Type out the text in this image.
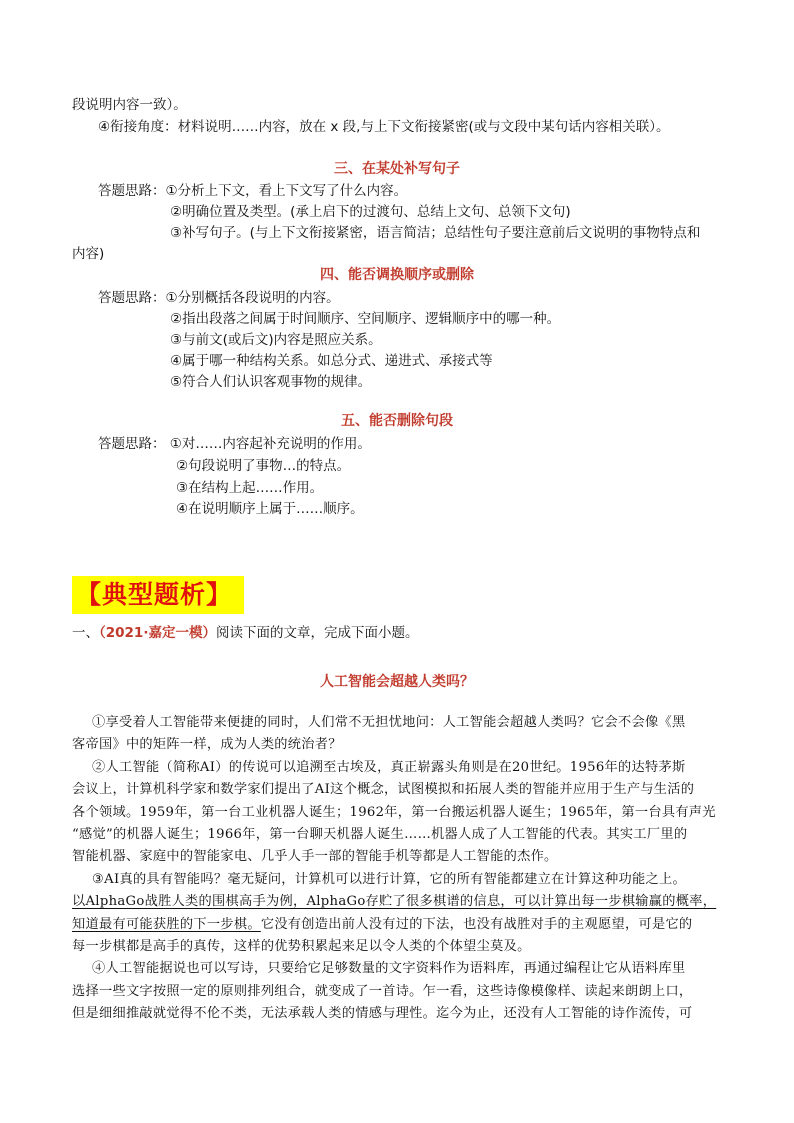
段说明内容一致）。
④衔接角度：材料说明……内容，放在 x 段,与上下文衔接紧密(或与文段中某句话内容相关联）。
三、在某处补写句子
答题思路：①分析上下文，看上下文写了什么内容。
②明确位置及类型。(承上启下的过渡句、总结上文句、总领下文句)
③补写句子。(与上下文衔接紧密，语言简洁；总结性句子要注意前后文说明的事物特点和
内容)
四、能否调换顺序或删除
答题思路：①分别概括各段说明的内容。
②指出段落之间属于时间顺序、空间顺序、逻辑顺序中的哪一种。
③与前文(或后文)内容是照应关系。
④属于哪一种结构关系。如总分式、递进式、承接式等
⑤符合人们认识客观事物的规律。
五、能否删除句段
答题思路： ①对……内容起补充说明的作用。
②句段说明了事物…的特点。
③在结构上起……作用。
④在说明顺序上属于……顺序。
【典型题析】
一、（2021·嘉定一模）阅读下面的文章，完成下面小题。
人工智能会超越人类吗？

①享受着人工智能带来便捷的同时，人们常不无担忧地问：人工智能会超越人类吗？它会不会像《黑

客帝国》中的矩阵一样，成为人类的统治者？

②人工智能（简称AI）的传说可以追溯至古埃及，真正崭露头角则是在20世纪。1956年的达特茅斯

会议上，计算机科学家和数学家们提出了AI这个概念，试图模拟和拓展人类的智能并应用于生产与生活的

各个领域。1959年，第一台工业机器人诞生；1962年，第一台搬运机器人诞生；1965年，第一台具有声光

“感觉”的机器人诞生；1966年，第一台聊天机器人诞生……机器人成了人工智能的代表。其实工厂里的

智能机器、家庭中的智能家电、几乎人手一部的智能手机等都是人工智能的杰作。

③AI真的具有智能吗？毫无疑问，计算机可以进行计算，它的所有智能都建立在计算这种功能之上。

以AlphaGo战胜人类的围棋高手为例，AlphaGo存贮了很多棋谱的信息，可以计算出每一步棋输赢的概率，

知道最有可能获胜的下一步棋。它没有创造出前人没有过的下法，也没有战胜对手的主观愿望，可是它的

每一步棋都是高手的真传，这样的优势积累起来足以令人类的个体望尘莫及。

④人工智能据说也可以写诗，只要给它足够数量的文字资料作为语料库，再通过编程让它从语料库里

选择一些文字按照一定的原则排列组合，就变成了一首诗。乍一看，这些诗像模像样、读起来朗朗上口，

但是细细推敲就觉得不伦不类，无法承载人类的情感与理性。迄今为止，还没有人工智能的诗作流传，可
